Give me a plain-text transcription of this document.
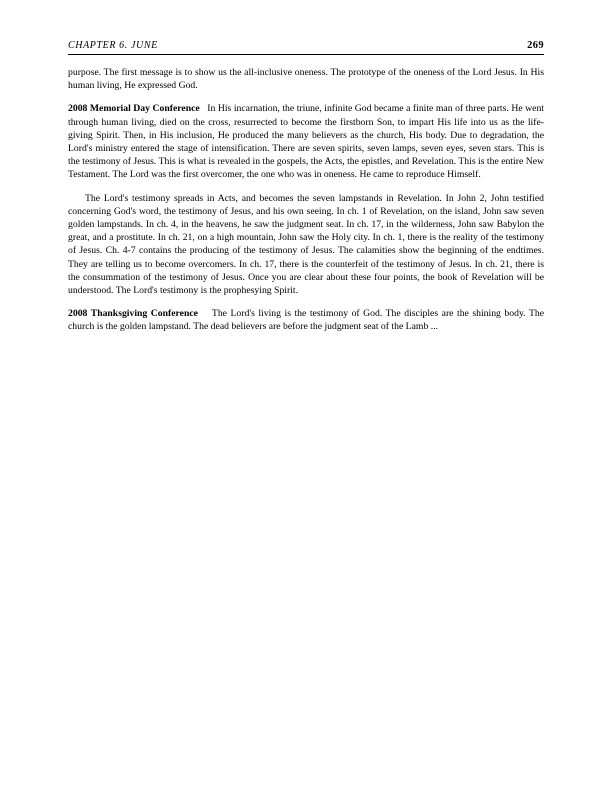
CHAPTER 6. JUNE	269

purpose. The first message is to show us the all-inclusive oneness. The prototype of the oneness of the Lord Jesus. In His human living, He expressed God.

2008 Memorial Day Conference In His incarnation, the triune, infinite God became a finite man of three parts. He went through human living, died on the cross, resurrected to become the firstborn Son, to impart His life into us as the life-giving Spirit. Then, in His inclusion, He produced the many believers as the church, His body. Due to degradation, the Lord's ministry entered the stage of intensification. There are seven spirits, seven lamps, seven eyes, seven stars. This is the testimony of Jesus. This is what is revealed in the gospels, the Acts, the epistles, and Revelation. This is the entire New Testament. The Lord was the first overcomer, the one who was in oneness. He came to reproduce Himself.

The Lord's testimony spreads in Acts, and becomes the seven lampstands in Revelation. In John 2, John testified concerning God's word, the testimony of Jesus, and his own seeing. In ch. 1 of Revelation, on the island, John saw seven golden lampstands. In ch. 4, in the heavens, he saw the judgment seat. In ch. 17, in the wilderness, John saw Babylon the great, and a prostitute. In ch. 21, on a high mountain, John saw the Holy city. In ch. 1, there is the reality of the testimony of Jesus. Ch. 4-7 contains the producing of the testimony of Jesus. The calamities show the beginning of the endtimes. They are telling us to become overcomers. In ch. 17, there is the counterfeit of the testimony of Jesus. In ch. 21, there is the consummation of the testimony of Jesus. Once you are clear about these four points, the book of Revelation will be understood. The Lord's testimony is the prophesying Spirit.

2008 Thanksgiving Conference The Lord's living is the testimony of God. The disciples are the shining body. The church is the golden lampstand. The dead believers are before the judgment seat of the Lamb ...
